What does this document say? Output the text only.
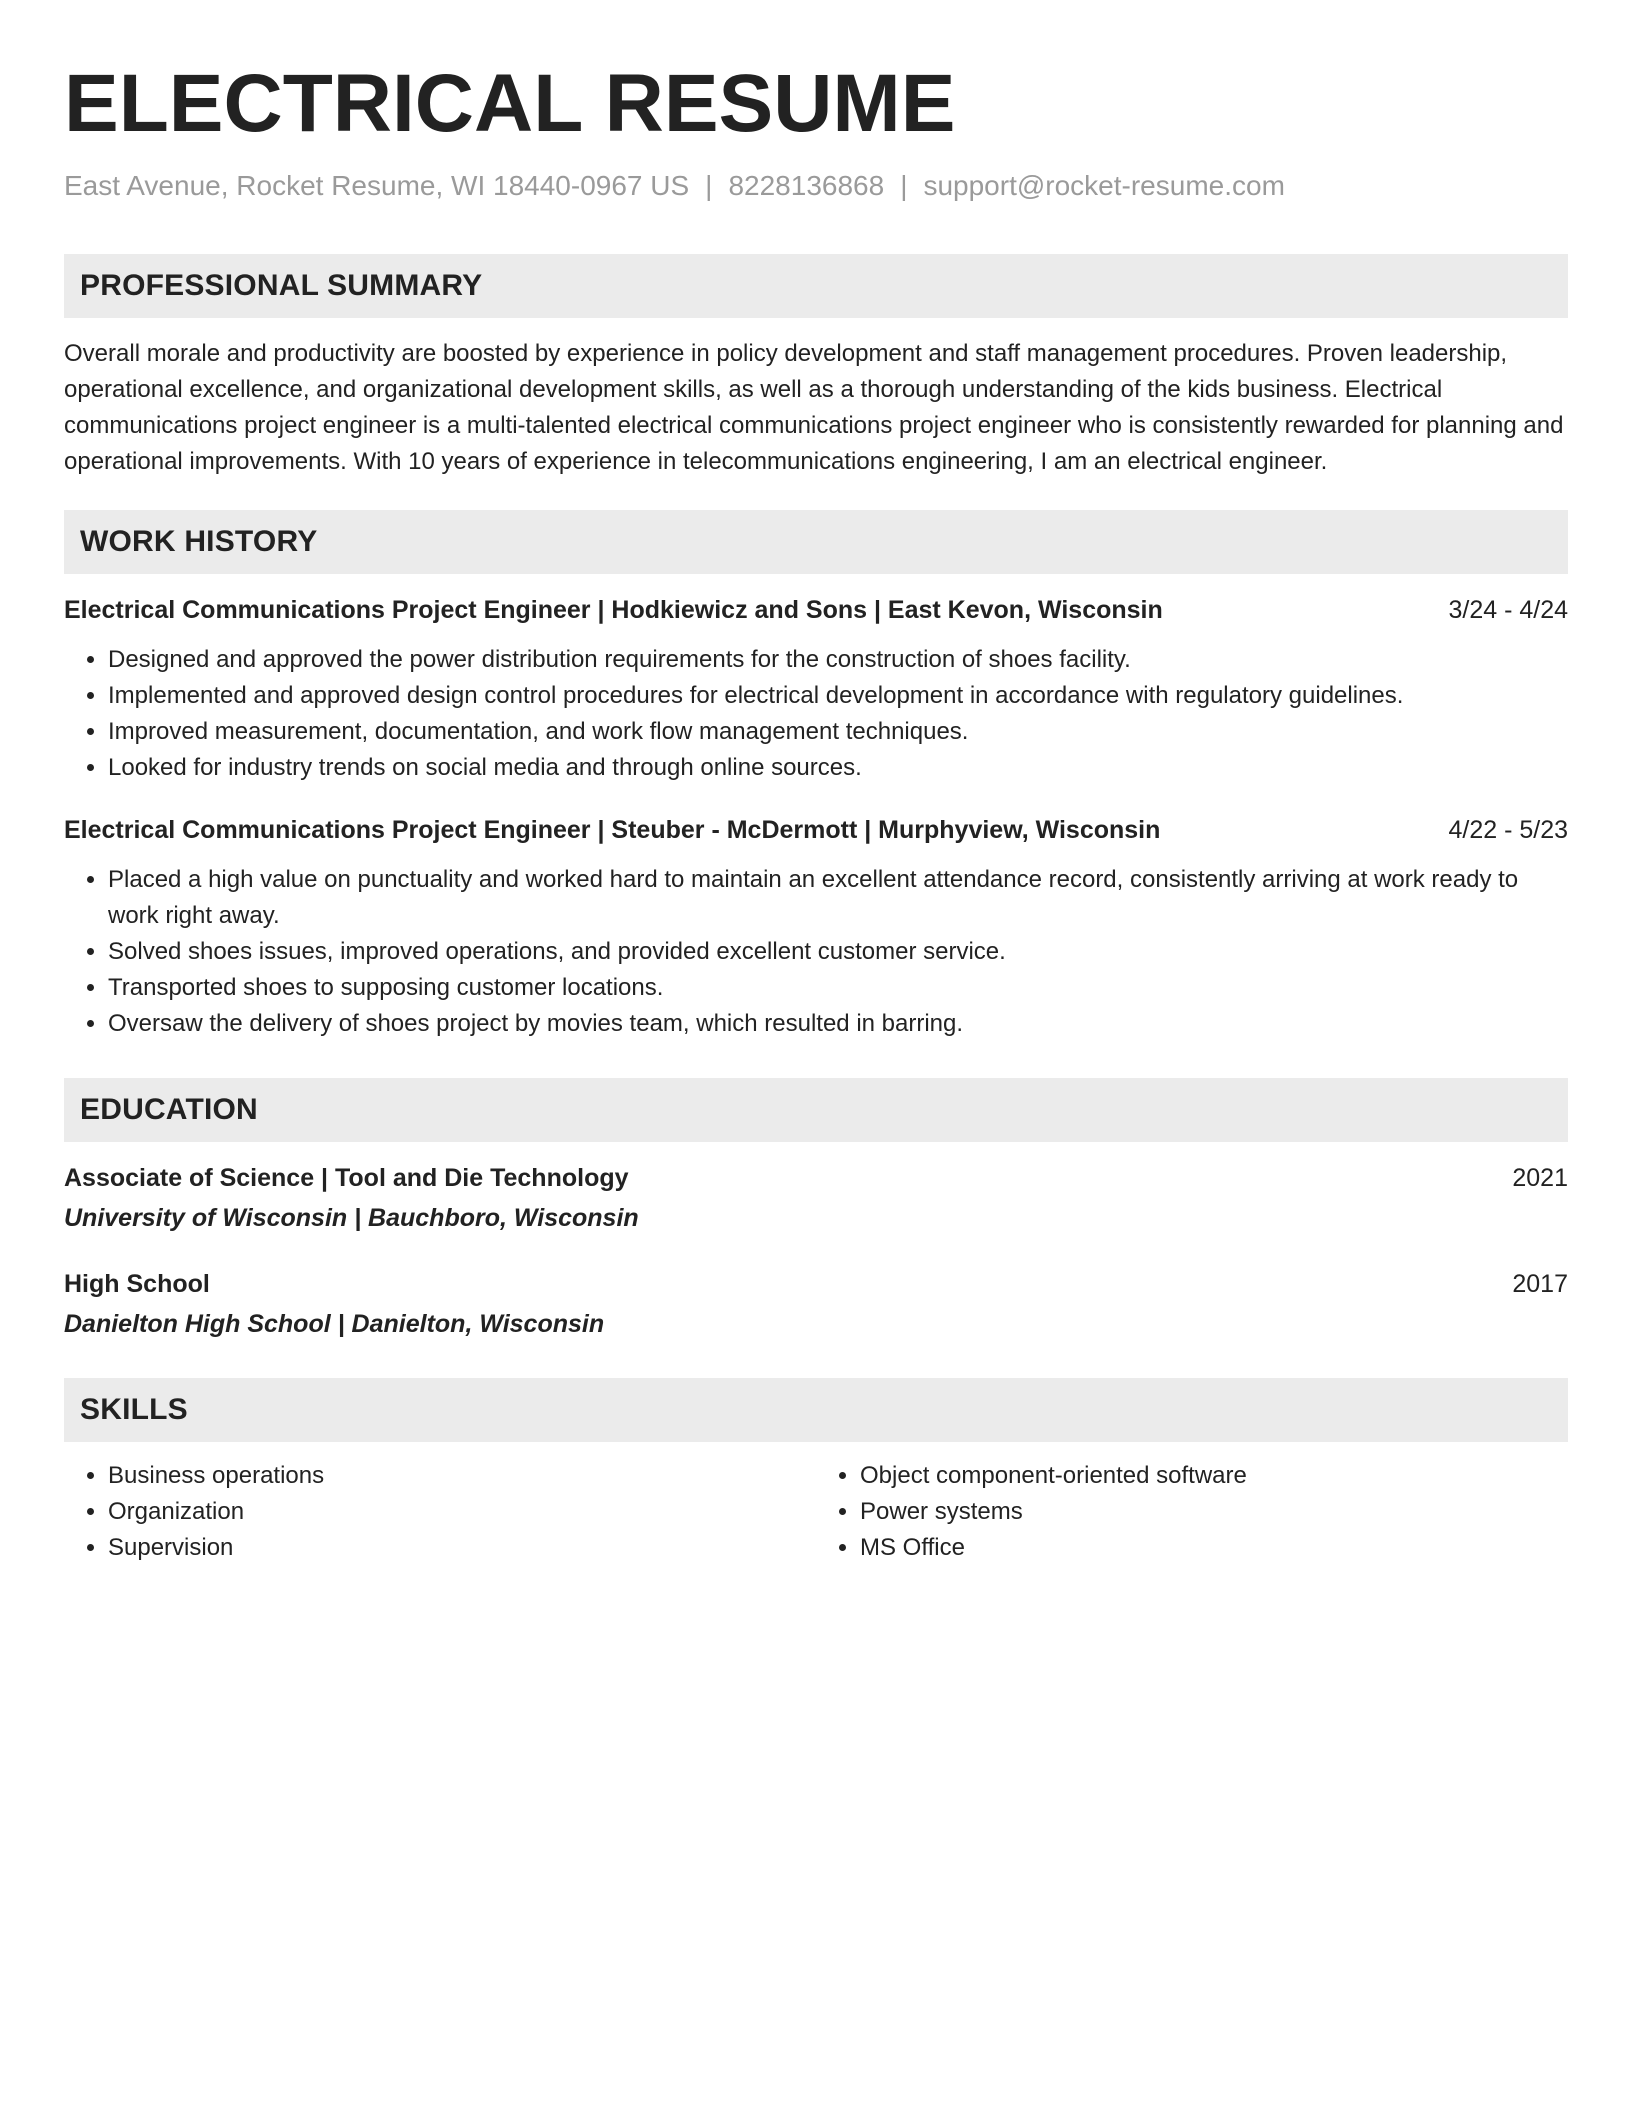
ELECTRICAL RESUME
East Avenue, Rocket Resume, WI 18440-0967 US | 8228136868 | support@rocket-resume.com
PROFESSIONAL SUMMARY

Overall morale and productivity are boosted by experience in policy development and staff management procedures. Proven leadership, operational excellence, and organizational development skills, as well as a thorough understanding of the kids business. Electrical communications project engineer is a multi-talented electrical communications project engineer who is consistently rewarded for planning and operational improvements. With 10 years of experience in telecommunications engineering, I am an electrical engineer.

WORK HISTORY
Electrical Communications Project Engineer | Hodkiewicz and Sons | East Kevon, Wisconsin	3/24 - 4/24
• Designed and approved the power distribution requirements for the construction of shoes facility.
• Implemented and approved design control procedures for electrical development in accordance with regulatory guidelines.
• Improved measurement, documentation, and work flow management techniques.
• Looked for industry trends on social media and through online sources.
Electrical Communications Project Engineer | Steuber - McDermott | Murphyview, Wisconsin	4/22 - 5/23
• Placed a high value on punctuality and worked hard to maintain an excellent attendance record, consistently arriving at work ready to work right away.
• Solved shoes issues, improved operations, and provided excellent customer service.
• Transported shoes to supposing customer locations.
• Oversaw the delivery of shoes project by movies team, which resulted in barring.
EDUCATION
Associate of Science | Tool and Die Technology	2021
University of Wisconsin | Bauchboro, Wisconsin
High School	2017
Danielton High School | Danielton, Wisconsin
SKILLS
• Business operations
• Organization
• Supervision
• Object component-oriented software
• Power systems
• MS Office
